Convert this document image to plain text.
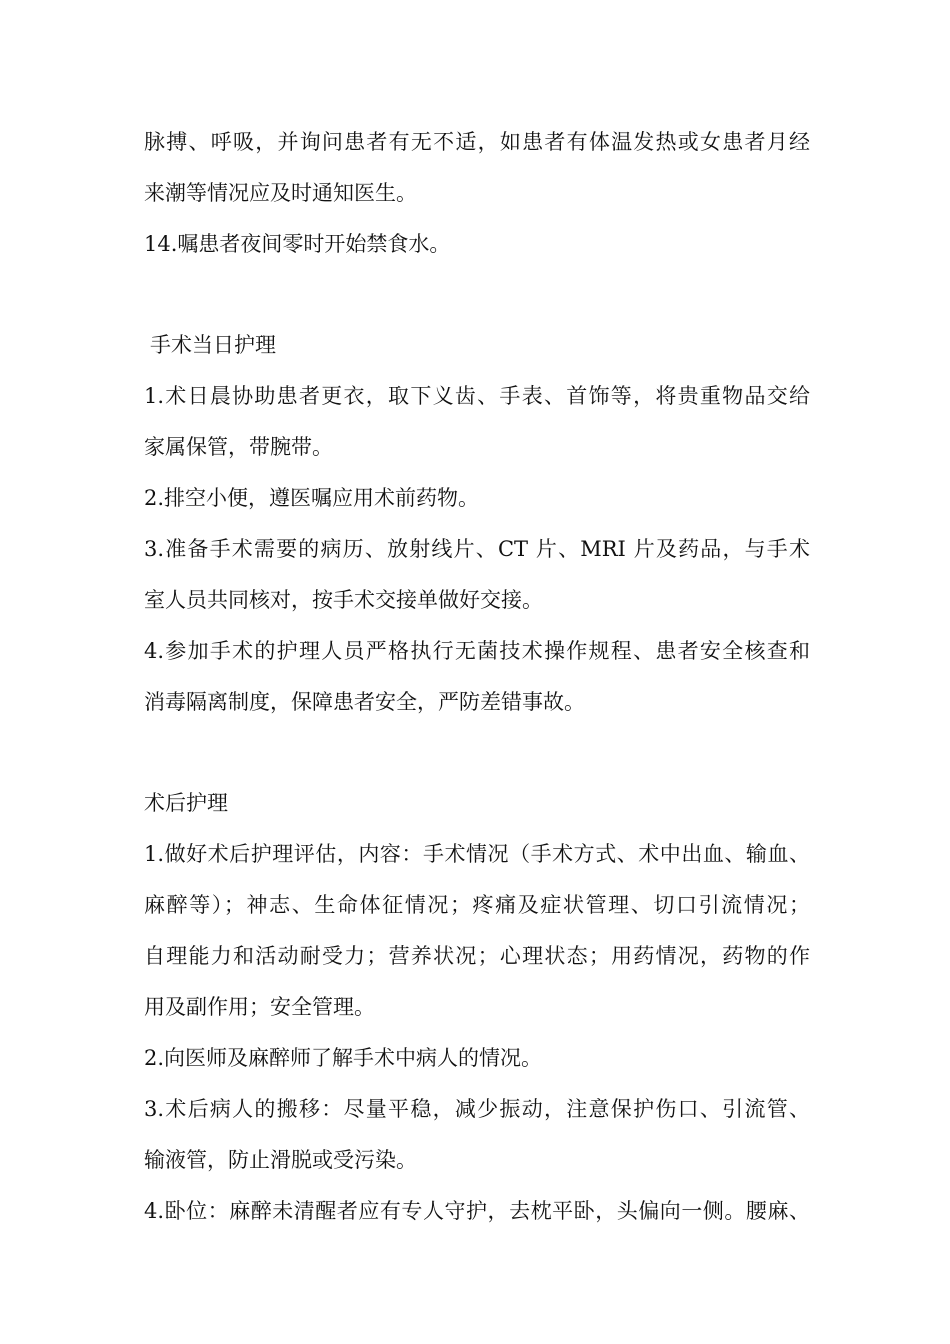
脉搏、呼吸，并询问患者有无不适，如患者有体温发热或女患者月经
来潮等情况应及时通知医生。
14.嘱患者夜间零时开始禁食水。
手术当日护理
1.术日晨协助患者更衣，取下义齿、手表、首饰等，将贵重物品交给
家属保管，带腕带。
2.排空小便，遵医嘱应用术前药物。
3.准备手术需要的病历、放射线片、CT 片、MRI 片及药品，与手术
室人员共同核对，按手术交接单做好交接。
4.参加手术的护理人员严格执行无菌技术操作规程、患者安全核查和
消毒隔离制度，保障患者安全，严防差错事故。
术后护理
1.做好术后护理评估，内容：手术情况（手术方式、术中出血、输血、
麻醉等）；神志、生命体征情况；疼痛及症状管理、切口引流情况；
自理能力和活动耐受力；营养状况；心理状态；用药情况，药物的作
用及副作用；安全管理。
2.向医师及麻醉师了解手术中病人的情况。
3.术后病人的搬移：尽量平稳，减少振动，注意保护伤口、引流管、
输液管，防止滑脱或受污染。
4.卧位：麻醉未清醒者应有专人守护，去枕平卧，头偏向一侧。腰麻、
